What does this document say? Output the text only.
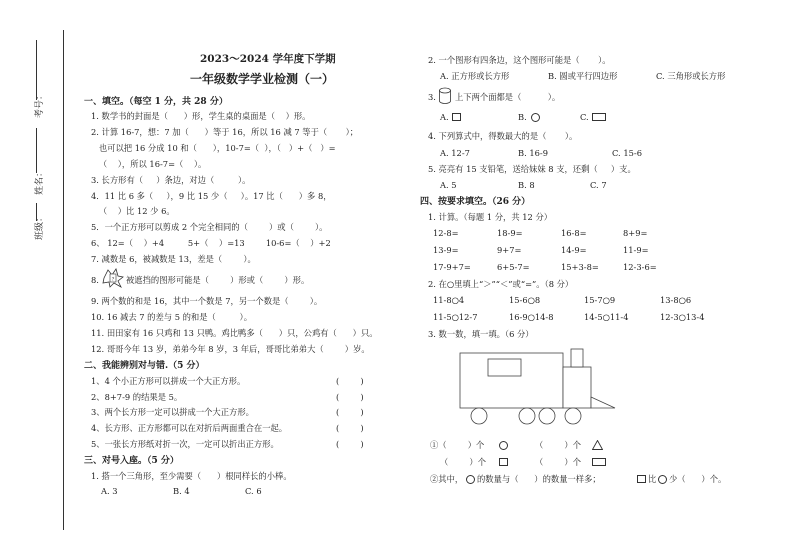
考号：
姓名：
班级：
2023～2024 学年度下学期
一年级数学学业检测（一）
一、填空。（每空 1 分，共 28 分）
1. 数学书的封面是（      ）形，学生桌的桌面是（    ）形。
2. 计算 16-7，想：7 加（      ）等于 16，所以 16 减 7 等于（       ）；
也可以把 16 分成 10 和（      ），10-7=（  ），（   ）+（   ）=
（    ），所以 16-7=（    ）。
3. 长方形有（     ）条边，对边（         ）。
4．11 比 6 多（     ），9 比 15 少（     ）。17 比（      ）多 8，
（    ）比 12 少 6。
5．一个正方形可以剪成 2 个完全相同的（        ）或（        ）。
6、 12=（    ）+4         5+（    ）=13        10-6=（    ）+2
7. 减数是 6，被减数是 13，差是（        ）。
8.	? 被遮挡的图形可能是（        ）形或（        ）形。
9. 两个数的和是 16，其中一个数是 7，另一个数是（        ）。
10. 16 减去 7 的差与 5 的和是（         ）。
11. 田田家有 16 只鸡和 13 只鸭。鸡比鸭多（      ）只，公鸡有（      ）只。
12. 哥哥今年 13 岁，弟弟今年 8 岁，3 年后，哥哥比弟弟大（        ）岁。
二、我能辨别对与错.（5 分）
1、4 个小正方形可以拼成一个大正方形。	(        )
2、8+7-9 的结果是 5。	(        )
3、两个长方形一定可以拼成一个大正方形。	(        )
4、长方形、正方形都可以在对折后两面重合在一起。	(        )
5、一张长方形纸对折一次，一定可以折出正方形。	(        )
三、对号入座。（5 分）
1. 搭一个三角形，至少需要（      ）根同样长的小棒。
A. 3	B. 4	C. 6
2. 一个图形有四条边，这个图形可能是（       ）。
A. 正方形或长方形	B. 圆或平行四边形	C. 三角形或长方形
3. 上下两个面都是（          ）。
A.	B.	C.
4. 下列算式中，得数最大的是（       ）。
A. 12-7	B. 16-9	C. 15-6
5. 亮亮有 15 支铅笔，送给妹妹 8 支，还剩（     ）支。
A. 5	B. 8	C. 7
四、按要求填空。（26 分）
1. 计算。（每题 1 分，共 12 分）
12-8=	18-9=	16-8=	8+9=
13-9=	9+7=	14-9=	11-9=
17-9+7=	6+5-7=	15+3-8=	12-3-6=
2. 在○里填上“＞”“＜”或“=”。（8 分）
11-8○4	15-6○8	15-7○9	13-8○6
11-5○12-7	16-9○14-8	14-5○11-4	12-3○13-4
3. 数一数，填一填。（6 分）
①（        ）个	（        ）个
（        ）个	（        ）个
②其中， 的数量与（      ）的数量一样多；	比 少（      ）个。
